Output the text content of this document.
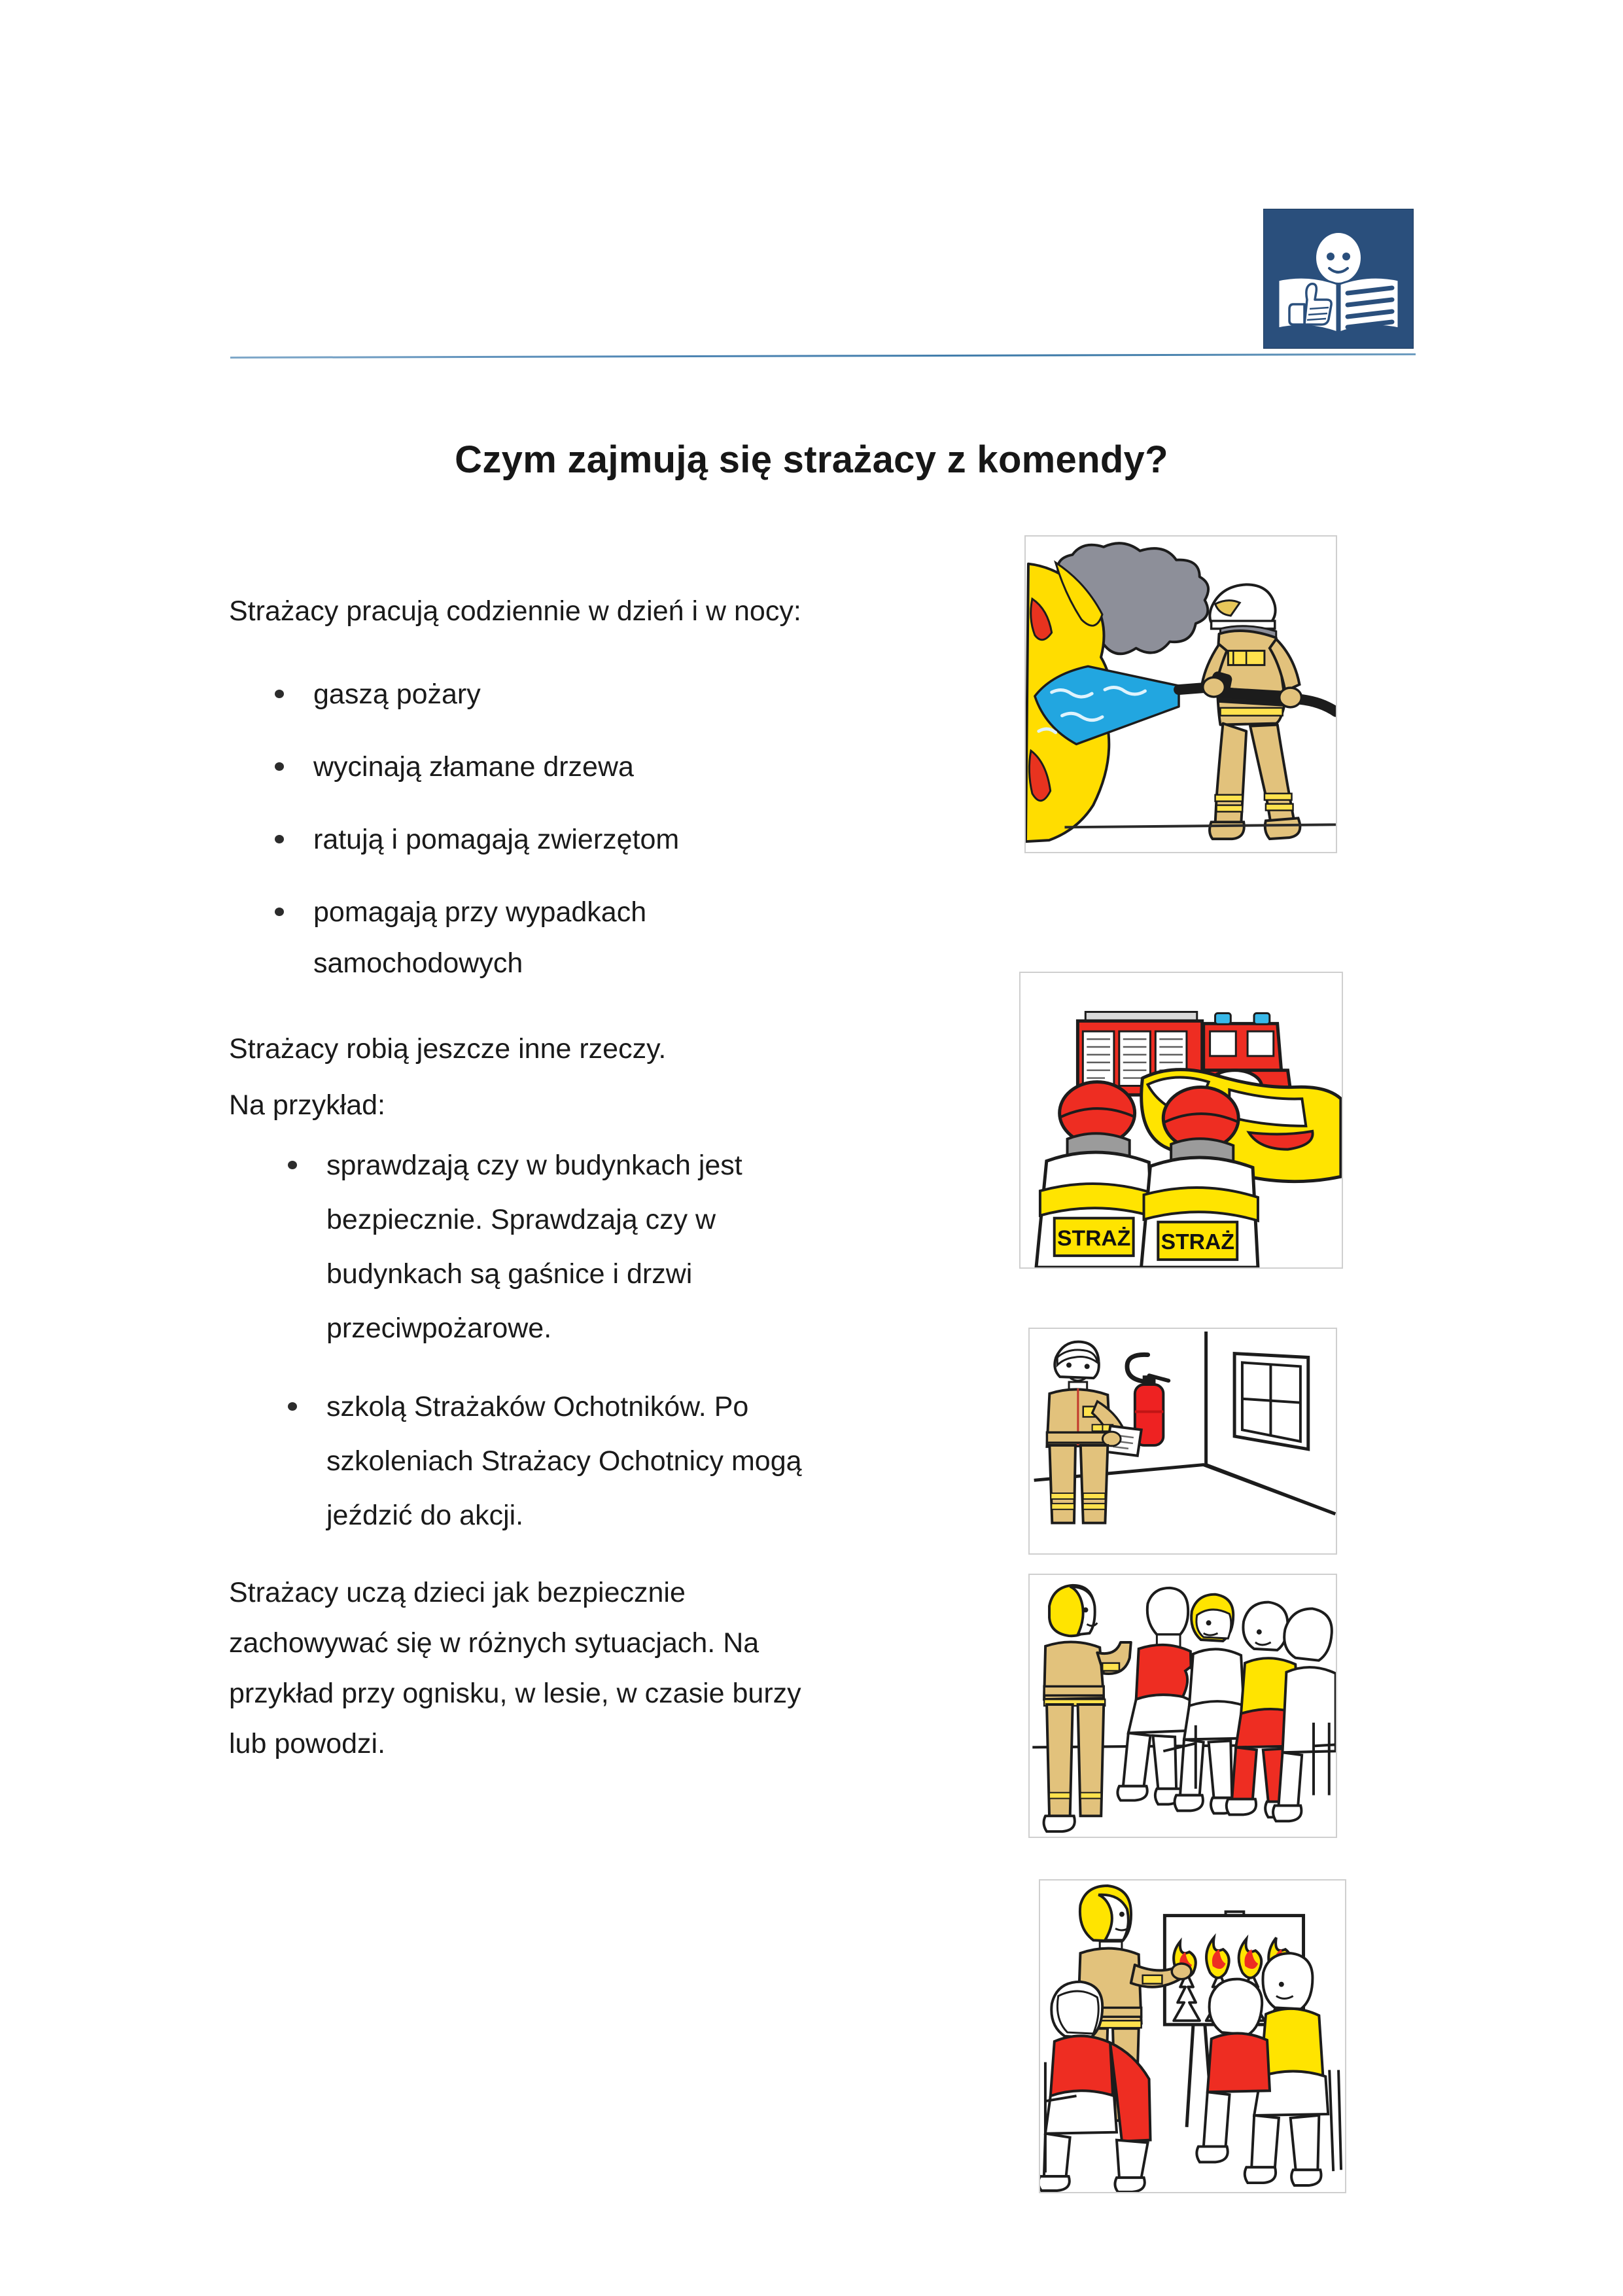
Czym zajmują się strażacy z komendy?

Strażacy pracują codziennie w dzień i w nocy:

gaszą pożary
wycinają złamane drzewa
ratują i pomagają zwierzętom
pomagają przy wypadkach
samochodowych

Strażacy robią jeszcze inne rzeczy.

Na przykład:

sprawdzają czy w budynkach jest
bezpiecznie. Sprawdzają czy w
budynkach są gaśnice i drzwi
przeciwpożarowe.
szkolą Strażaków Ochotników. Po
szkoleniach Strażacy Ochotnicy mogą
jeździć do akcji.

Strażacy uczą dzieci jak bezpiecznie

zachowywać się w różnych sytuacjach. Na

przykład przy ognisku, w lesie, w czasie burzy

lub powodzi.

STRAŻ STRAŻ
